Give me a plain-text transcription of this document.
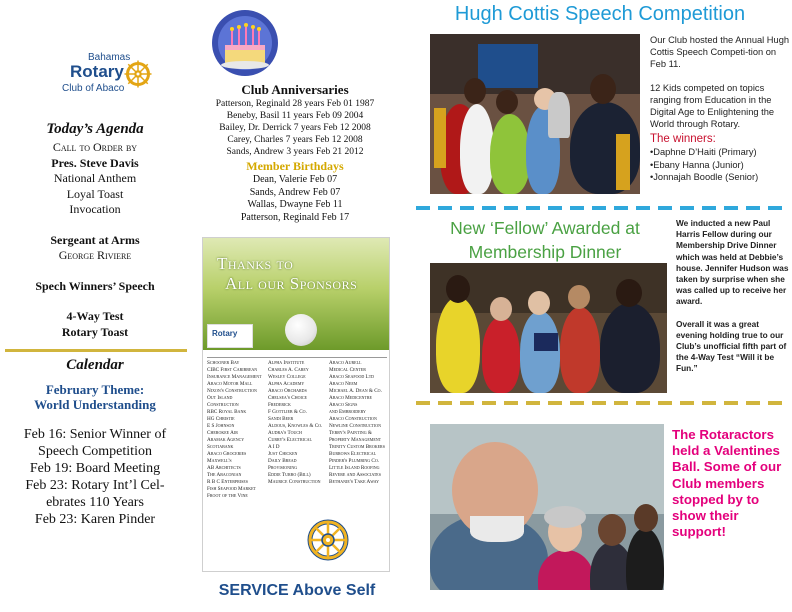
Bahamas
Rotary
Club of Abaco
Today’s Agenda
Call to Order by
Pres. Steve Davis
National Anthem
Loyal Toast
Invocation
Sergeant at Arms
George Riviere
Spech Winners’ Speech
4-Way Test
Rotary Toast
Calendar
February Theme:
World Understanding
Feb 16: Senior Winner of
Speech Competition
Feb 19: Board Meeting
Feb 23: Rotary Int’l Cel-
ebrates 110 Years
Feb 23: Karen Pinder
Club Anniversaries
Patterson, Reginald 28 years Feb 01 1987
Beneby, Basil 11 years Feb 09 2004
Bailey, Dr. Derrick 7 years Feb 12 2008
Carey, Charles 7 years Feb 12 2008
Sands, Andrew 3 years Feb 21 2012
Member Birthdays
Dean, Valerie Feb 07
Sands, Andrew Feb 07
Wallas, Dwayne Feb 11
Patterson, Reginald Feb 17
Thanks to
All our Sponsors
Rotary
Schooner Bay
CIBC First Caribbean
Insurance Management
Abaco Motor Mall
Nixon's Construction
Out Island
Construction
RBC Royal Bank
HG Christie
E S Johnson
Cherokee Air
Aramak Agency
Scotiabank
Abaco Groceries
Maxwell's
AB Architects
The Abaconian
R B C Enterprises
Fish Seafood Market
Froot of the Vine
Alpha Institute
Charles A. Carey
Wesley College
Alpha Academy
Abaco Orchards
Chelsea's Choice
Frederick
F Gottlieb & Co.
Sandi Beer
Aldous, Knowles & Co.
Audra's Touch
Curry's Electrical
A I D
Just Chicken
Daily Bread
Provisioning
Eddie Turbo (Bill)
Maurice Construction
Abaco Aurell
Medical Center
Abaco Seafood Ltd
Abaco Neem
Michael A. Dean & Co.
Abaco Medicentre
Abaco Signs
and Embroidery
Abaco Construction
Newline Construction
Terry's Painting &
Property Management
Trinity Custom Brokers
Burrows Electrical
Pinder's Plumbing Co.
Little Island Roofing
Revere and Associates
Bethanie's Take Away
SERVICE Above Self
Hugh Cottis Speech Competition

Our Club hosted the Annual Hugh Cottis Speech Competi-tion on Feb 11.

12 Kids competed on topics ranging from Education in the Digital Age to Enlightening the World through Rotary.

The winners:
•Daphne D’Haiti (Primary)
•Ebany Hanna (Junior)
•Jonnajah Boodle (Senior)
New ‘Fellow’ Awarded at
Membership Dinner

We inducted a new Paul Harris Fellow during our Membership Drive Dinner which was held at Debbie’s house. Jennifer Hudson was taken by surprise when she was called up to receive her award.

Overall it was a great evening holding true to our Club’s unofficial fifth part of the 4-Way Test “Will it be Fun.”

The Rotaractors held a Valentines Ball. Some of our Club members stopped by to show their support!
